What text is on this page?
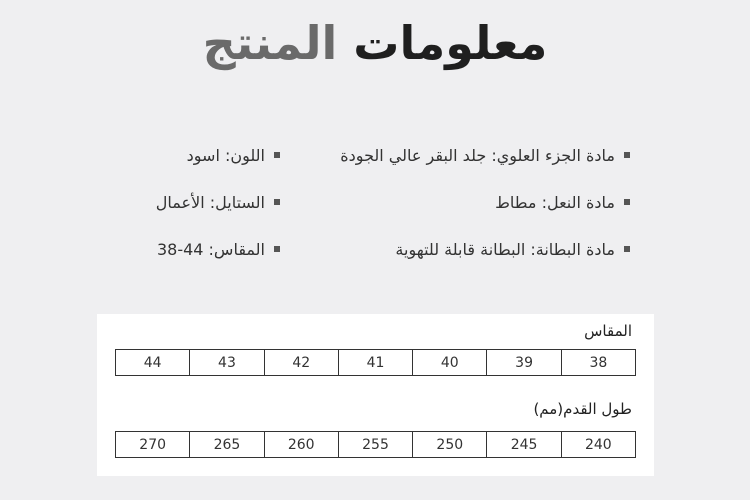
معلومات المنتج
مادة الجزء العلوي: جلد البقر عالي الجودة
مادة النعل: مطاط
مادة البطانة: البطانة قابلة للتهوية
اللون: اسود
الستايل: الأعمال
المقاس: 44-38
المقاس
38	39	40	41	42	43	44
طول القدم(مم)
240	245	250	255	260	265	270
